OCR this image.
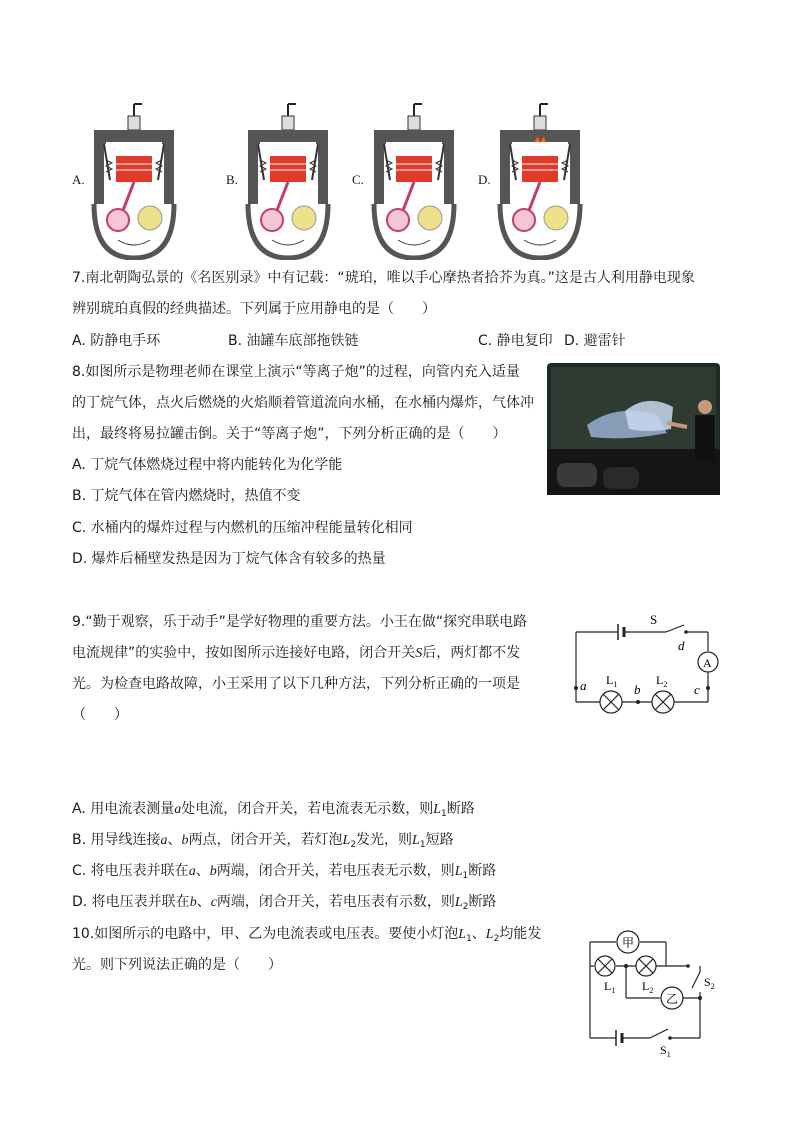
A.	B.	C.	D.
7.南北朝陶弘景的《名医别录》中有记载：“琥珀，唯以手心摩热者拾芥为真。”这是古人利用静电现象
辨别琥珀真假的经典描述。下列属于应用静电的是（　　）
A. 防静电手环	B. 油罐车底部拖铁链	C. 静电复印 D. 避雷针
8.如图所示是物理老师在课堂上演示“等离子炮”的过程，向管内充入适量
的丁烷气体，点火后燃烧的火焰顺着管道流向水桶，在水桶内爆炸，气体冲
出，最终将易拉罐击倒。关于“等离子炮”，下列分析正确的是（　　）
A. 丁烷气体燃烧过程中将内能转化为化学能
B. 丁烷气体在管内燃烧时，热值不变
C. 水桶内的爆炸过程与内燃机的压缩冲程能量转化相同
D. 爆炸后桶壁发热是因为丁烷气体含有较多的热量
9.“勤于观察，乐于动手”是学好物理的重要方法。小王在做“探究串联电路
电流规律”的实验中，按如图所示连接好电路，闭合开关S后，两灯都不发
光。为检查电路故障，小王采用了以下几种方法，下列分析正确的一项是
（　　）
A. 用电流表测量a处电流，闭合开关，若电流表无示数，则$L_1$断路
B. 用导线连接a、b两点，闭合开关，若灯泡$L_2$发光，则$L_1$短路
C. 将电压表并联在a、b两端，闭合开关，若电压表无示数，则$L_1$断路
D. 将电压表并联在b、c两端，闭合开关，若电压表有示数，则$L_2$断路
S
d
A
a	b	c
$L_1$	$L_2$
10.如图所示的电路中，甲、乙为电流表或电压表。要使小灯泡$L_1$、$L_2$均能发
光。则下列说法正确的是（　　）
甲
乙
$L_1$ $L_2$
$S_2$
$S_1$
